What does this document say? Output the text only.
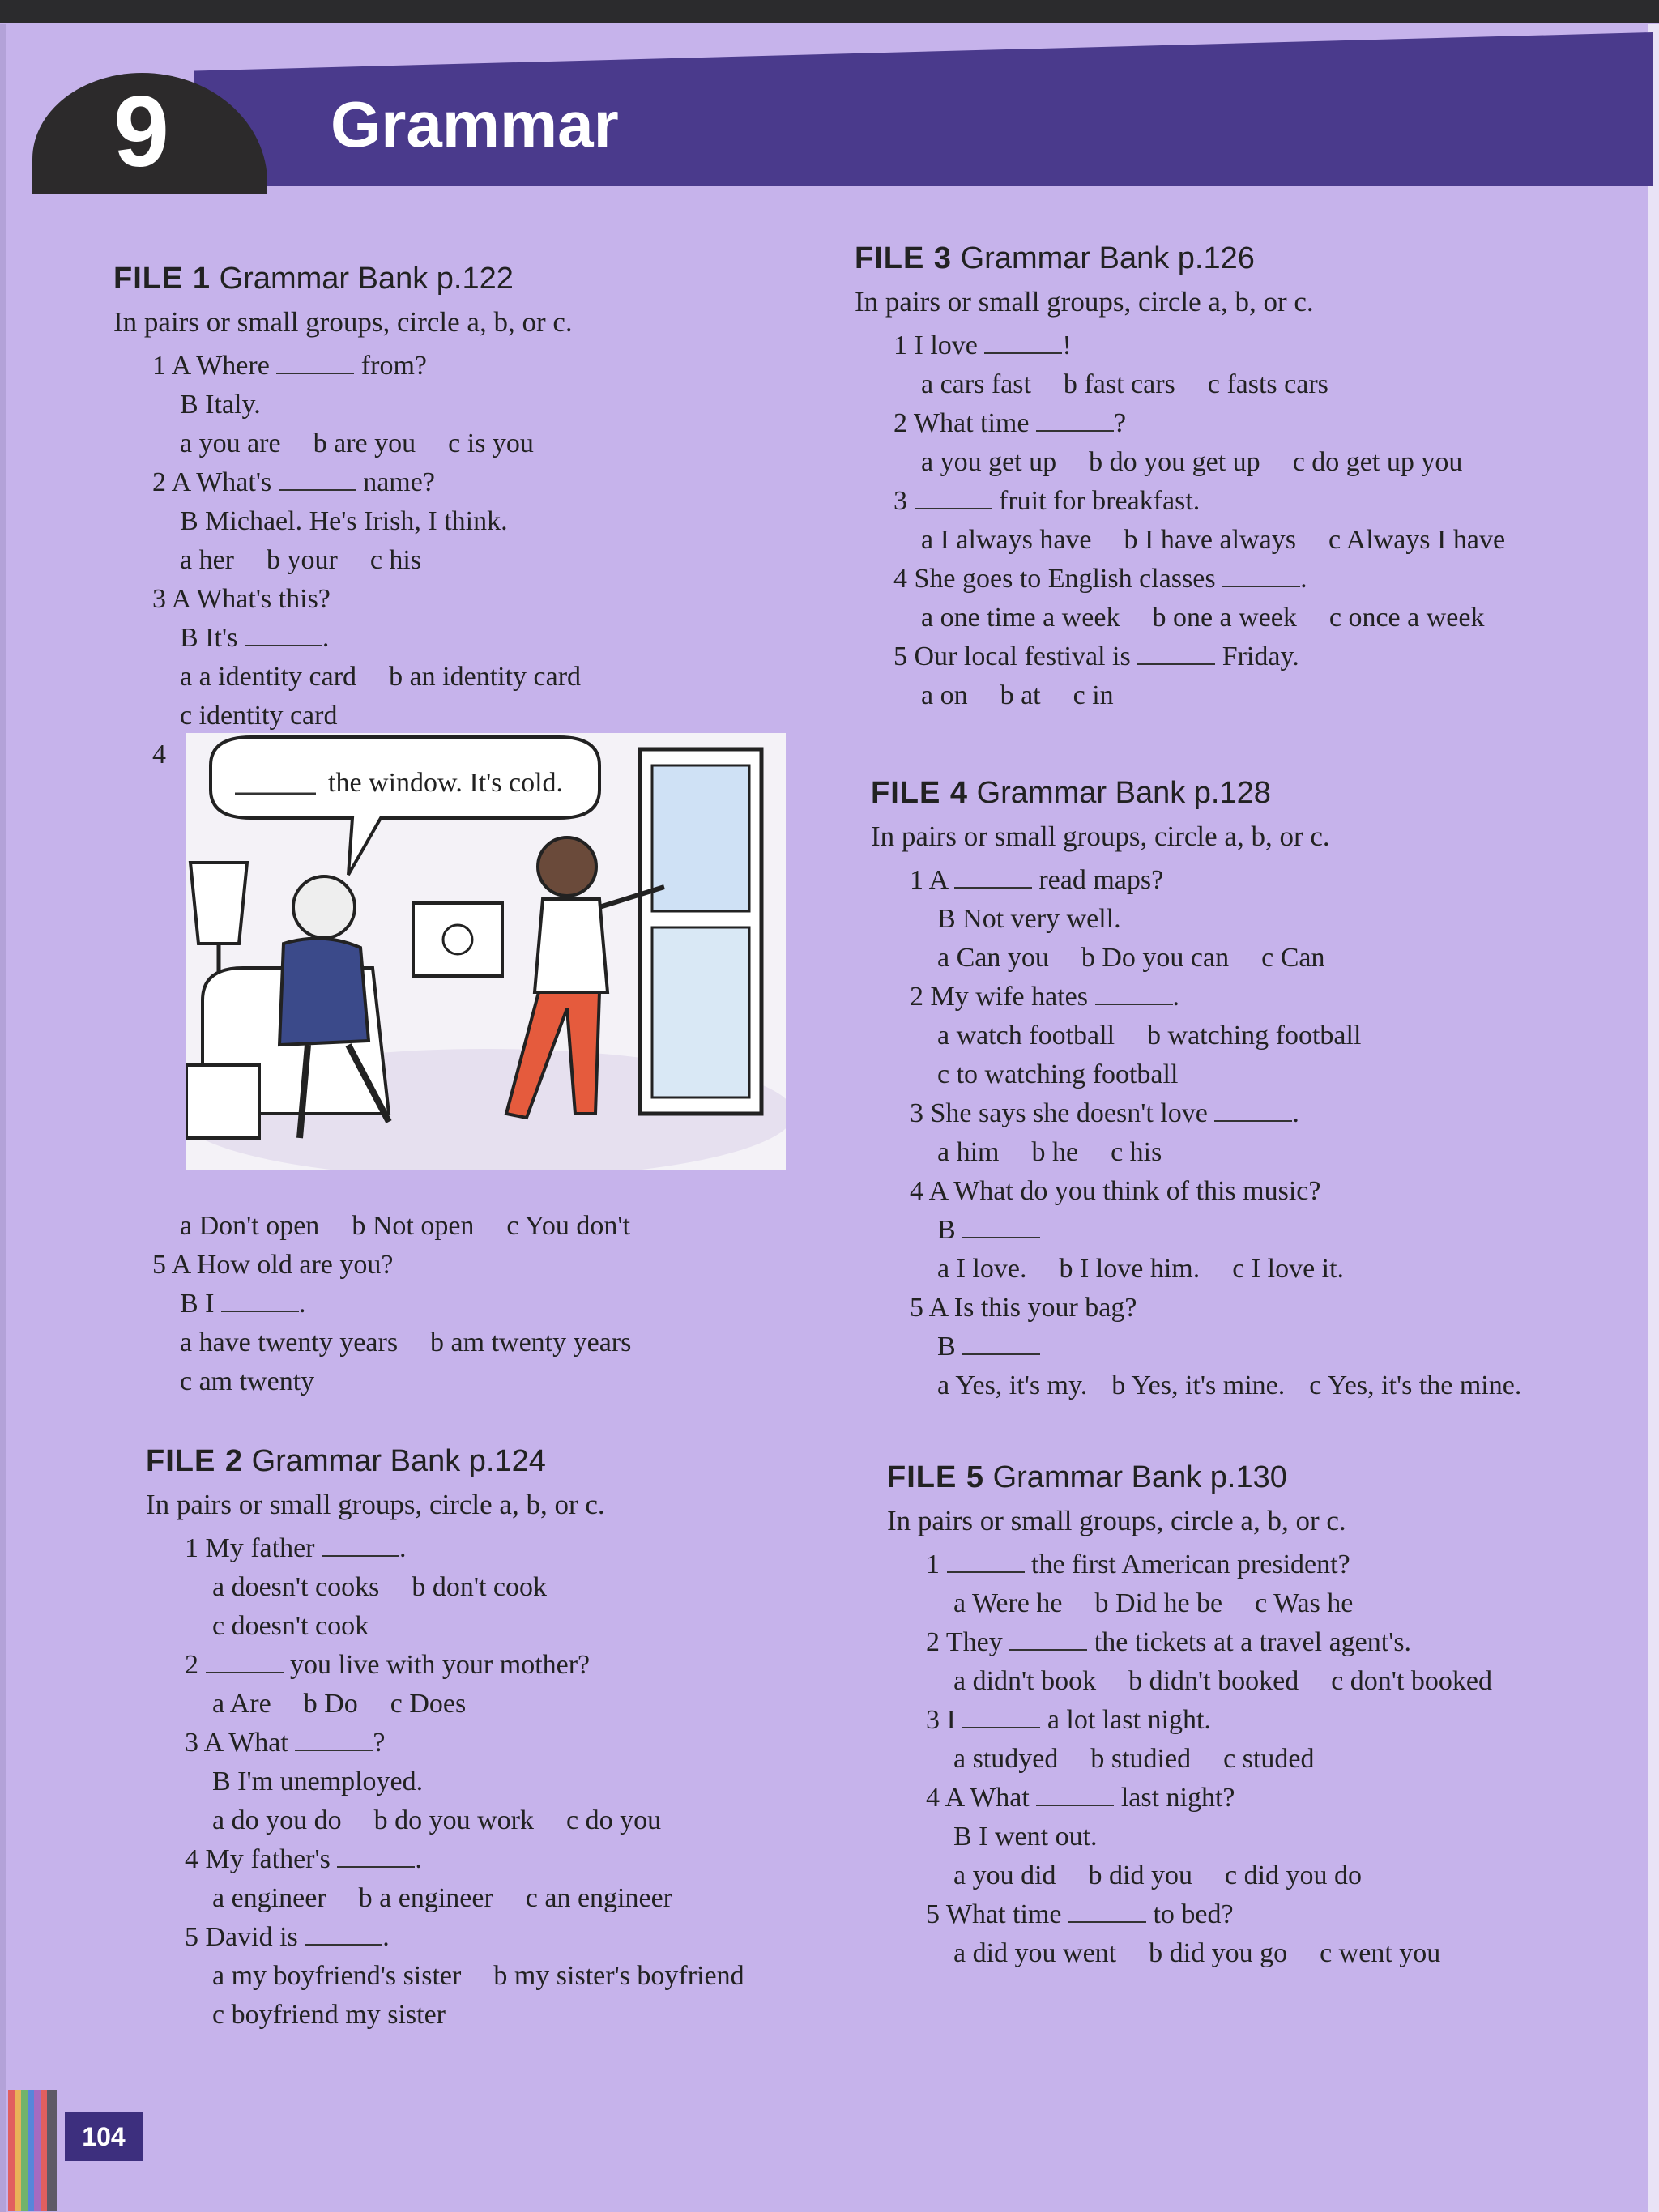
9 Grammar
FILE 1 Grammar Bank p.122
In pairs or small groups, circle a, b, or c.
1 A Where	from?
B Italy.
a you are b are you c is you
2 A What's	name?
B Michael. He's Irish, I think.
a her b your c his
3 A What's this?
B It's	.
a a identity card b an identity card
c identity card
4
the window. It's cold.
a Don't open b Not open c You don't
5 A How old are you?
B I	.
a have twenty years b am twenty years
c am twenty
FILE 2 Grammar Bank p.124
In pairs or small groups, circle a, b, or c.
1 My father	.
a doesn't cooks b don't cook
c doesn't cook
2	you live with your mother?
a Are b Do c Does
3 A What	?
B I'm unemployed.
a do you do b do you work c do you
4 My father's	.
a engineer b a engineer c an engineer
5 David is	.
a my boyfriend's sister b my sister's boyfriend
c boyfriend my sister
FILE 3 Grammar Bank p.126
In pairs or small groups, circle a, b, or c.
1 I love	!
a cars fast b fast cars c fasts cars
2 What time	?
a you get up b do you get up c do get up you
3	fruit for breakfast.
a I always have b I have always c Always I have
4 She goes to English classes	.
a one time a week b one a week c once a week
5 Our local festival is	Friday.
a on b at c in
FILE 4 Grammar Bank p.128
In pairs or small groups, circle a, b, or c.
1 A	read maps?
B Not very well.
a Can you b Do you can c Can
2 My wife hates	.
a watch football b watching football
c to watching football
3 She says she doesn't love	.
a him b he c his
4 A What do you think of this music?
B
a I love. b I love him. c I love it.
5 A Is this your bag?
B
a Yes, it's my. b Yes, it's mine. c Yes, it's the mine.
FILE 5 Grammar Bank p.130
In pairs or small groups, circle a, b, or c.
1	the first American president?
a Were he b Did he be c Was he
2 They	the tickets at a travel agent's.
a didn't book b didn't booked c don't booked
3 I	a lot last night.
a studyed b studied c studed
4 A What	last night?
B I went out.
a you did b did you c did you do
5 What time	to bed?
a did you went b did you go c went you
104
